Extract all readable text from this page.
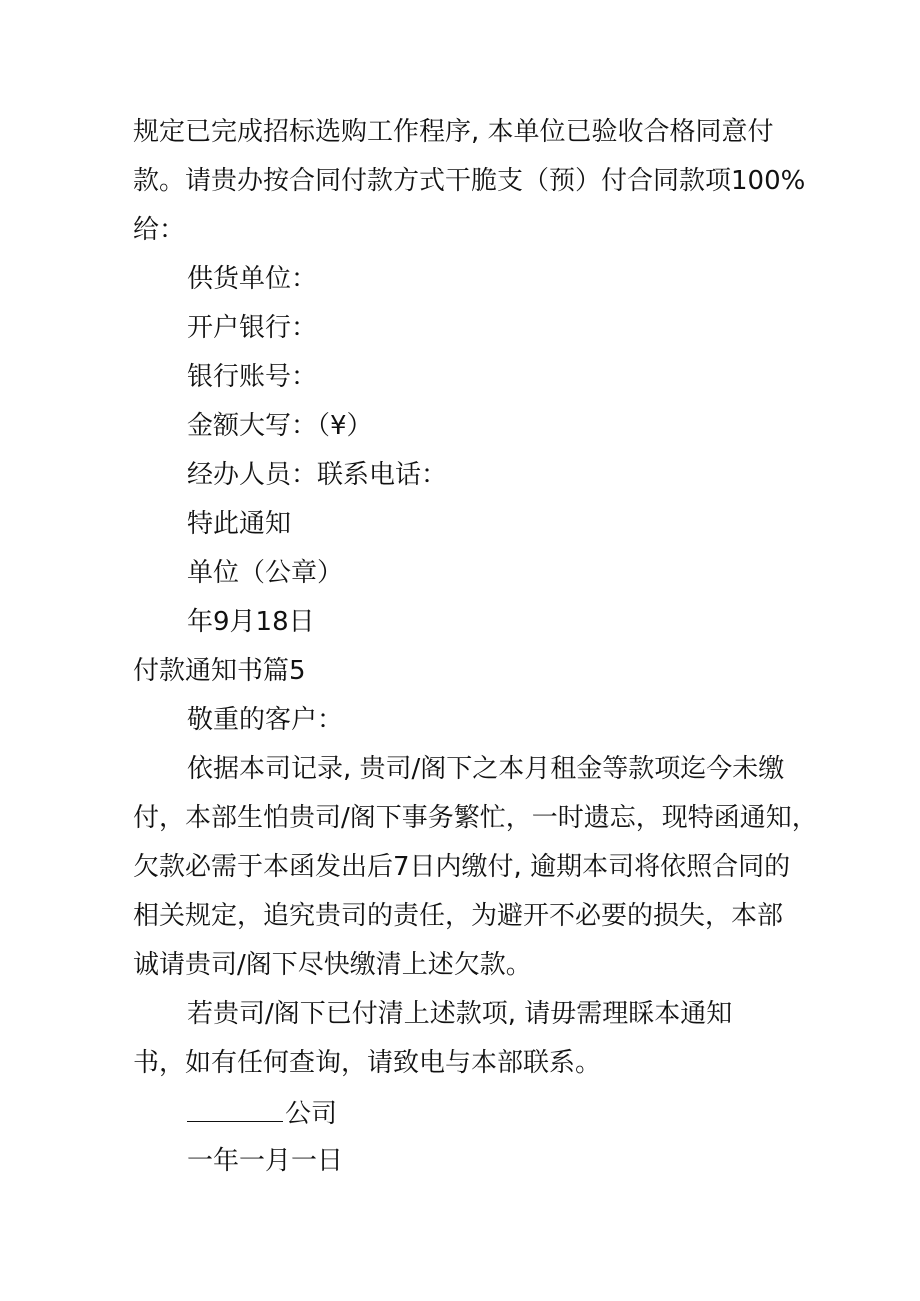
规定已完成招标选购工作程序, 本单位已验收合格同意付
款。请贵办按合同付款方式干脆支（预）付合同款项100%
给：
供货单位：
开户银行：
银行账号：
金额大写：（¥）
经办人员：联系电话：
特此通知
单位（公章）
年9月18日
付款通知书篇5
敬重的客户：
依据本司记录, 贵司/阁下之本月租金等款项迄今未缴
付，本部生怕贵司/阁下事务繁忙，一时遗忘，现特函通知，
欠款必需于本函发出后7日内缴付, 逾期本司将依照合同的
相关规定，追究贵司的责任，为避开不必要的损失，本部
诚请贵司/阁下尽快缴清上述欠款。
若贵司/阁下已付清上述款项, 请毋需理睬本通知
书，如有任何查询，请致电与本部联系。
公司
一年一月一日
